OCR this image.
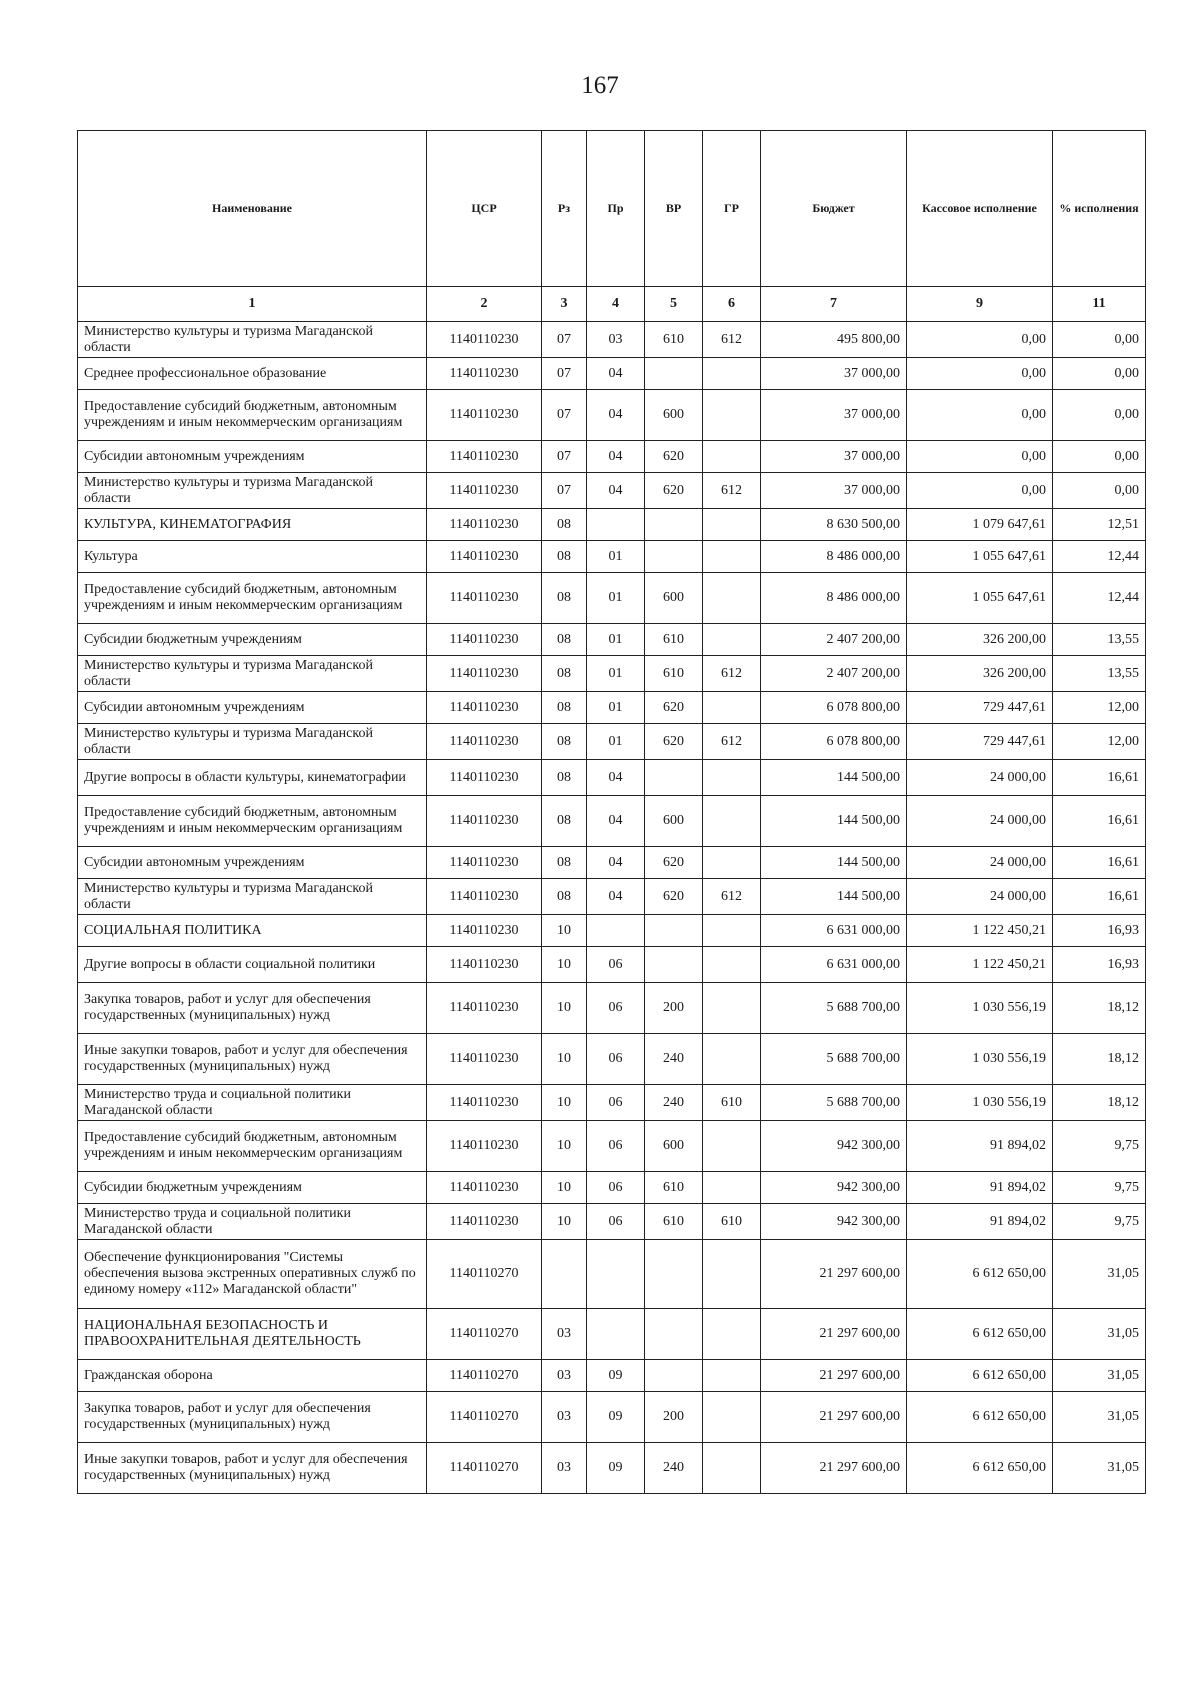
167
Наименование	ЦСР	Рз	Пр	ВР	ГР	Бюджет	Кассовое исполнение	% исполнения
1	2	3	4	5	6	7	9	11
Министерство культуры и туризма Магаданской области	1140110230	07	03	610	612	495 800,00	0,00	0,00
Среднее профессиональное образование	1140110230	07	04			37 000,00	0,00	0,00
Предоставление субсидий бюджетным, автономным учреждениям и иным некоммерческим организациям	1140110230	07	04	600		37 000,00	0,00	0,00
Субсидии автономным учреждениям	1140110230	07	04	620		37 000,00	0,00	0,00
Министерство культуры и туризма Магаданской области	1140110230	07	04	620	612	37 000,00	0,00	0,00
КУЛЬТУРА, КИНЕМАТОГРАФИЯ	1140110230	08				8 630 500,00	1 079 647,61	12,51
Культура	1140110230	08	01			8 486 000,00	1 055 647,61	12,44
Предоставление субсидий бюджетным, автономным учреждениям и иным некоммерческим организациям	1140110230	08	01	600		8 486 000,00	1 055 647,61	12,44
Субсидии бюджетным учреждениям	1140110230	08	01	610		2 407 200,00	326 200,00	13,55
Министерство культуры и туризма Магаданской области	1140110230	08	01	610	612	2 407 200,00	326 200,00	13,55
Субсидии автономным учреждениям	1140110230	08	01	620		6 078 800,00	729 447,61	12,00
Министерство культуры и туризма Магаданской области	1140110230	08	01	620	612	6 078 800,00	729 447,61	12,00
Другие вопросы в области культуры, кинематографии	1140110230	08	04			144 500,00	24 000,00	16,61
Предоставление субсидий бюджетным, автономным учреждениям и иным некоммерческим организациям	1140110230	08	04	600		144 500,00	24 000,00	16,61
Субсидии автономным учреждениям	1140110230	08	04	620		144 500,00	24 000,00	16,61
Министерство культуры и туризма Магаданской области	1140110230	08	04	620	612	144 500,00	24 000,00	16,61
СОЦИАЛЬНАЯ ПОЛИТИКА	1140110230	10				6 631 000,00	1 122 450,21	16,93
Другие вопросы в области социальной политики	1140110230	10	06			6 631 000,00	1 122 450,21	16,93
Закупка товаров, работ и услуг для обеспечения государственных (муниципальных) нужд	1140110230	10	06	200		5 688 700,00	1 030 556,19	18,12
Иные закупки товаров, работ и услуг для обеспечения государственных (муниципальных) нужд	1140110230	10	06	240		5 688 700,00	1 030 556,19	18,12
Министерство труда и социальной политики Магаданской области	1140110230	10	06	240	610	5 688 700,00	1 030 556,19	18,12
Предоставление субсидий бюджетным, автономным учреждениям и иным некоммерческим организациям	1140110230	10	06	600		942 300,00	91 894,02	9,75
Субсидии бюджетным учреждениям	1140110230	10	06	610		942 300,00	91 894,02	9,75
Министерство труда и социальной политики Магаданской области	1140110230	10	06	610	610	942 300,00	91 894,02	9,75
Обеспечение функционирования "Системы обеспечения вызова экстренных оперативных служб по единому номеру «112» Магаданской области"	1140110270					21 297 600,00	6 612 650,00	31,05
НАЦИОНАЛЬНАЯ БЕЗОПАСНОСТЬ И ПРАВООХРАНИТЕЛЬНАЯ ДЕЯТЕЛЬНОСТЬ	1140110270	03				21 297 600,00	6 612 650,00	31,05
Гражданская оборона	1140110270	03	09			21 297 600,00	6 612 650,00	31,05
Закупка товаров, работ и услуг для обеспечения государственных (муниципальных) нужд	1140110270	03	09	200		21 297 600,00	6 612 650,00	31,05
Иные закупки товаров, работ и услуг для обеспечения государственных (муниципальных) нужд	1140110270	03	09	240		21 297 600,00	6 612 650,00	31,05
